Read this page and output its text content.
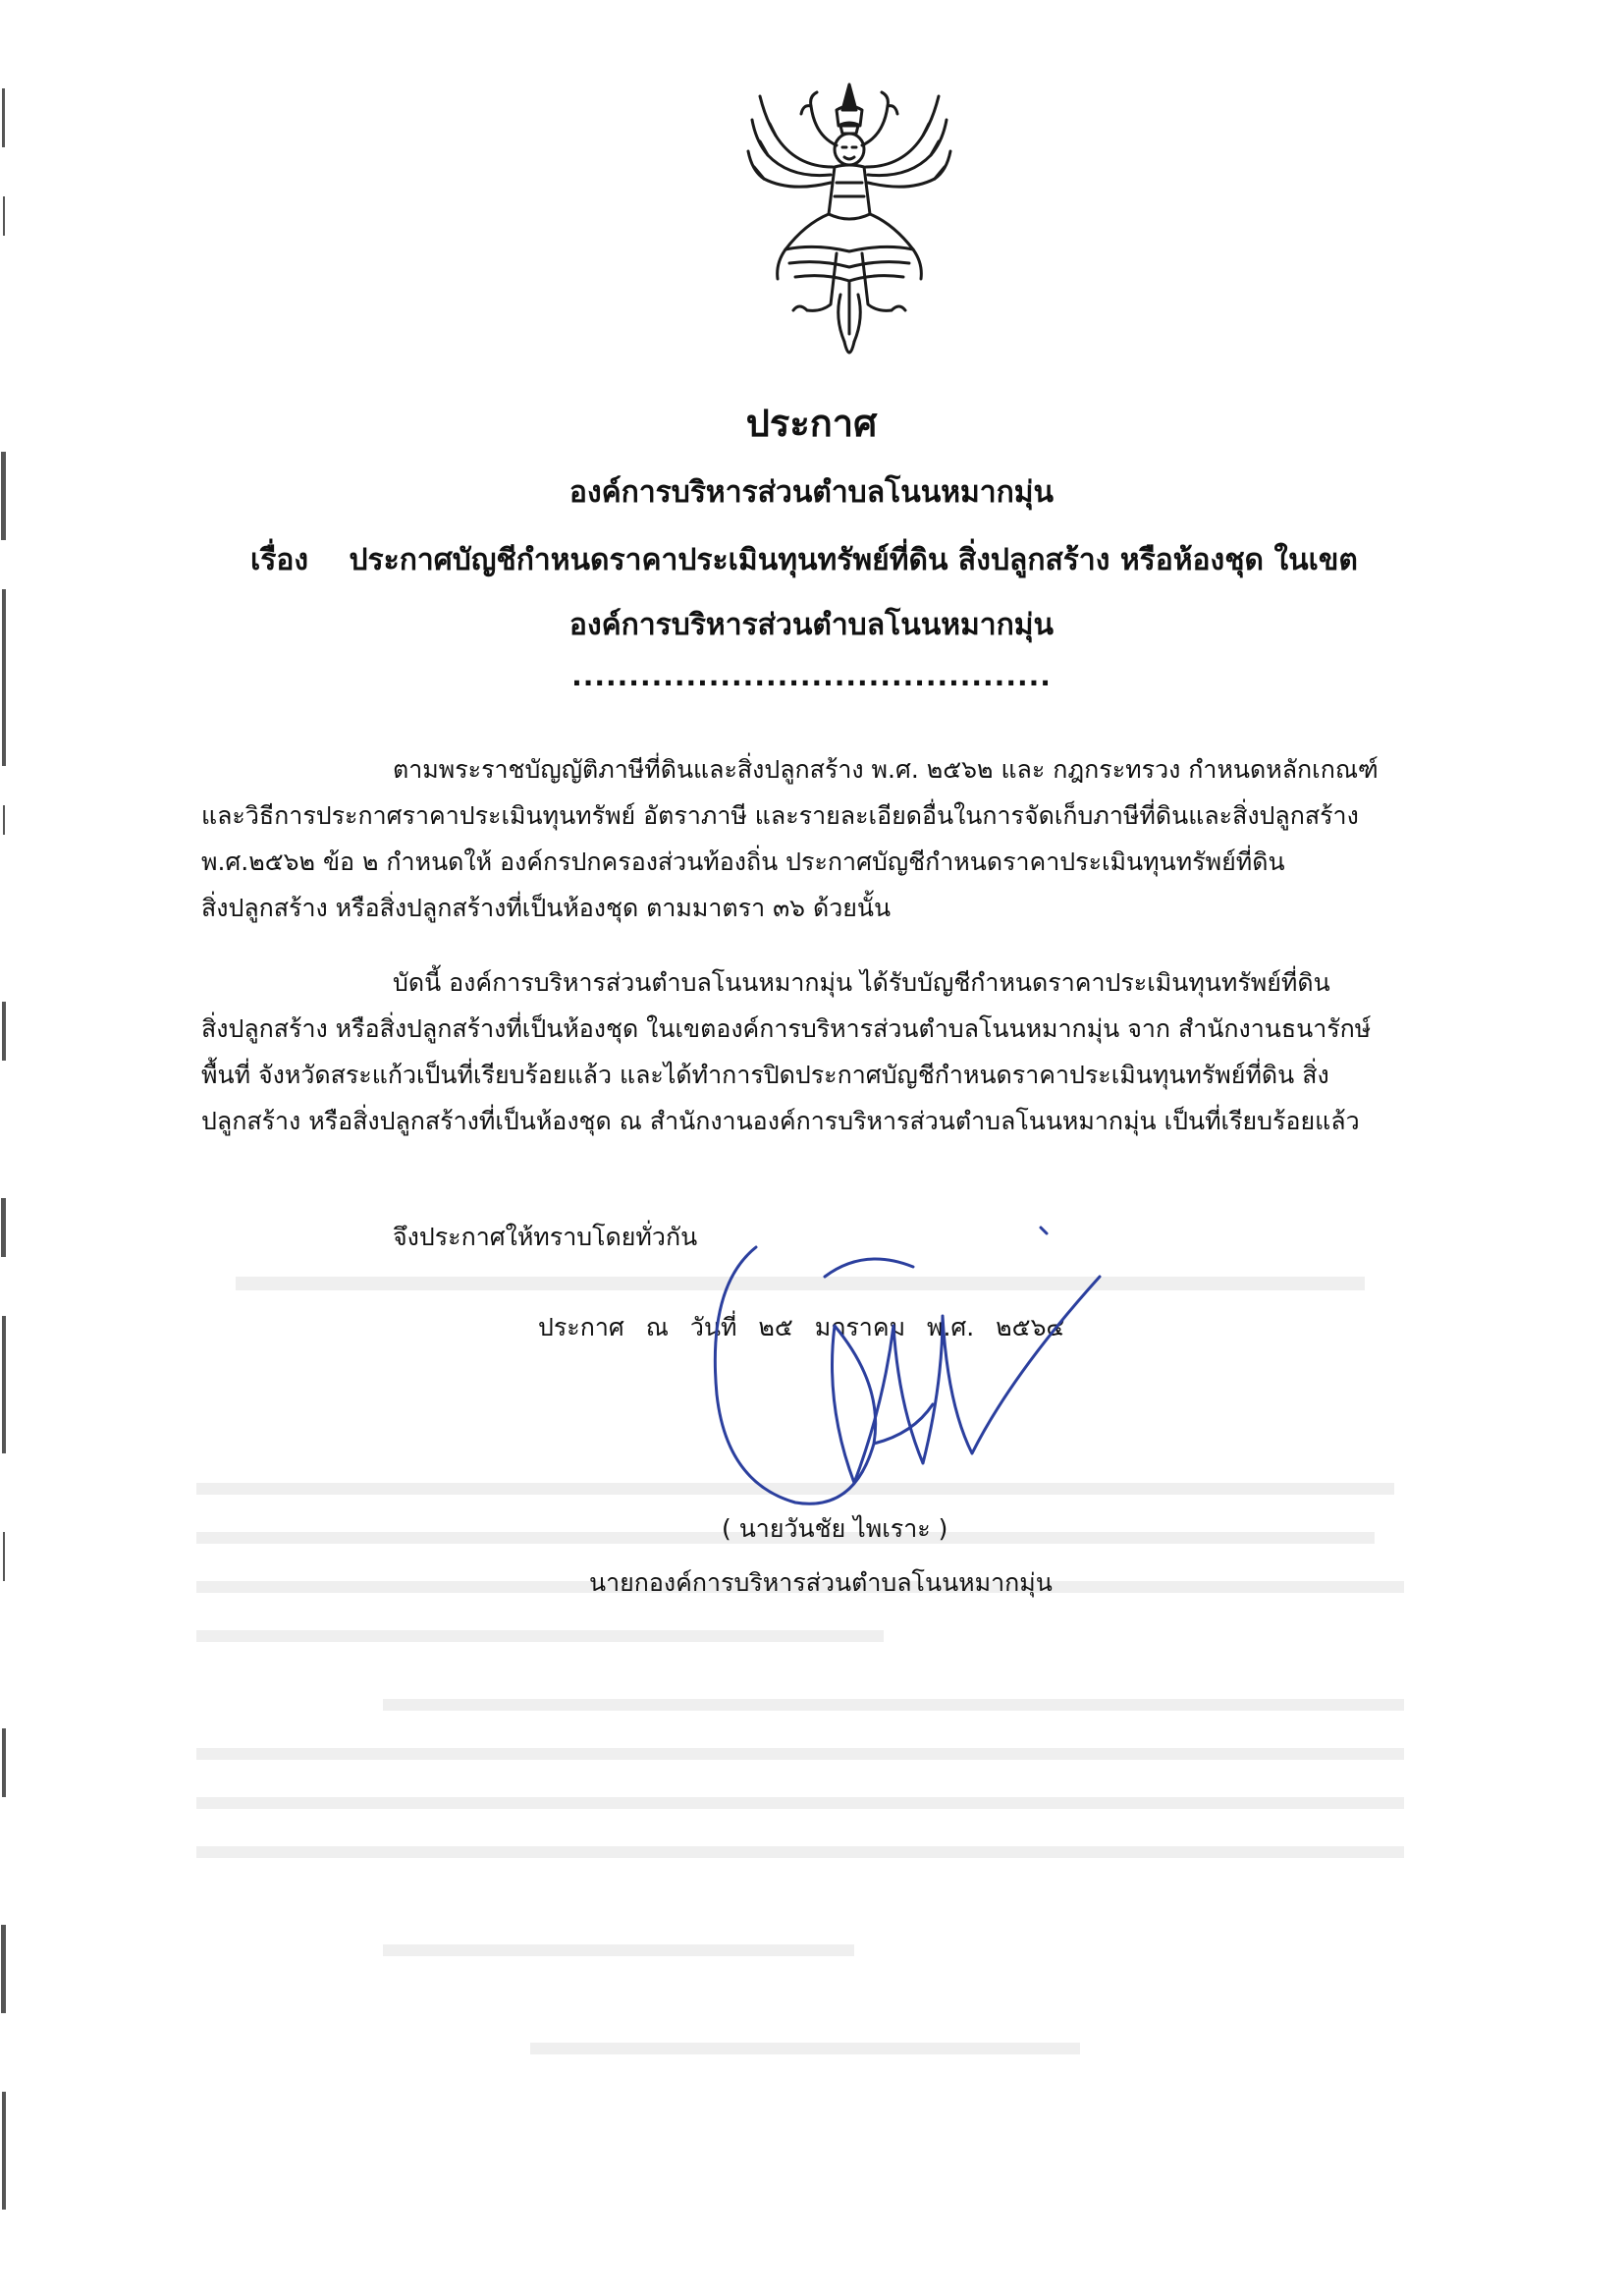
ประกาศ
องค์การบริหารส่วนตำบลโนนหมากมุ่น
เรื่อง ประกาศบัญชีกำหนดราคาประเมินทุนทรัพย์ที่ดิน สิ่งปลูกสร้าง หรือห้องชุด ในเขต
องค์การบริหารส่วนตำบลโนนหมากมุ่น
..........................................

ตามพระราชบัญญัติภาษีที่ดินและสิ่งปลูกสร้าง พ.ศ. ๒๕๖๒ และ กฎกระทรวง กำหนดหลักเกณฑ์

และวิธีการประกาศราคาประเมินทุนทรัพย์ อัตราภาษี และรายละเอียดอื่นในการจัดเก็บภาษีที่ดินและสิ่งปลูกสร้าง

พ.ศ.๒๕๖๒ ข้อ ๒ กำหนดให้ องค์กรปกครองส่วนท้องถิ่น ประกาศบัญชีกำหนดราคาประเมินทุนทรัพย์ที่ดิน

สิ่งปลูกสร้าง หรือสิ่งปลูกสร้างที่เป็นห้องชุด ตามมาตรา ๓๖ ด้วยนั้น

บัดนี้ องค์การบริหารส่วนตำบลโนนหมากมุ่น ได้รับบัญชีกำหนดราคาประเมินทุนทรัพย์ที่ดิน

สิ่งปลูกสร้าง หรือสิ่งปลูกสร้างที่เป็นห้องชุด ในเขตองค์การบริหารส่วนตำบลโนนหมากมุ่น จาก สำนักงานธนารักษ์

พื้นที่ จังหวัดสระแก้วเป็นที่เรียบร้อยแล้ว และได้ทำการปิดประกาศบัญชีกำหนดราคาประเมินทุนทรัพย์ที่ดิน สิ่ง

ปลูกสร้าง หรือสิ่งปลูกสร้างที่เป็นห้องชุด ณ สำนักงานองค์การบริหารส่วนตำบลโนนหมากมุ่น เป็นที่เรียบร้อยแล้ว

จึงประกาศให้ทราบโดยทั่วกัน
ประกาศ ณ วันที่ ๒๕ มกราคม พ.ศ. ๒๕๖๔
( นายวันชัย ไพเราะ )
นายกองค์การบริหารส่วนตำบลโนนหมากมุ่น
